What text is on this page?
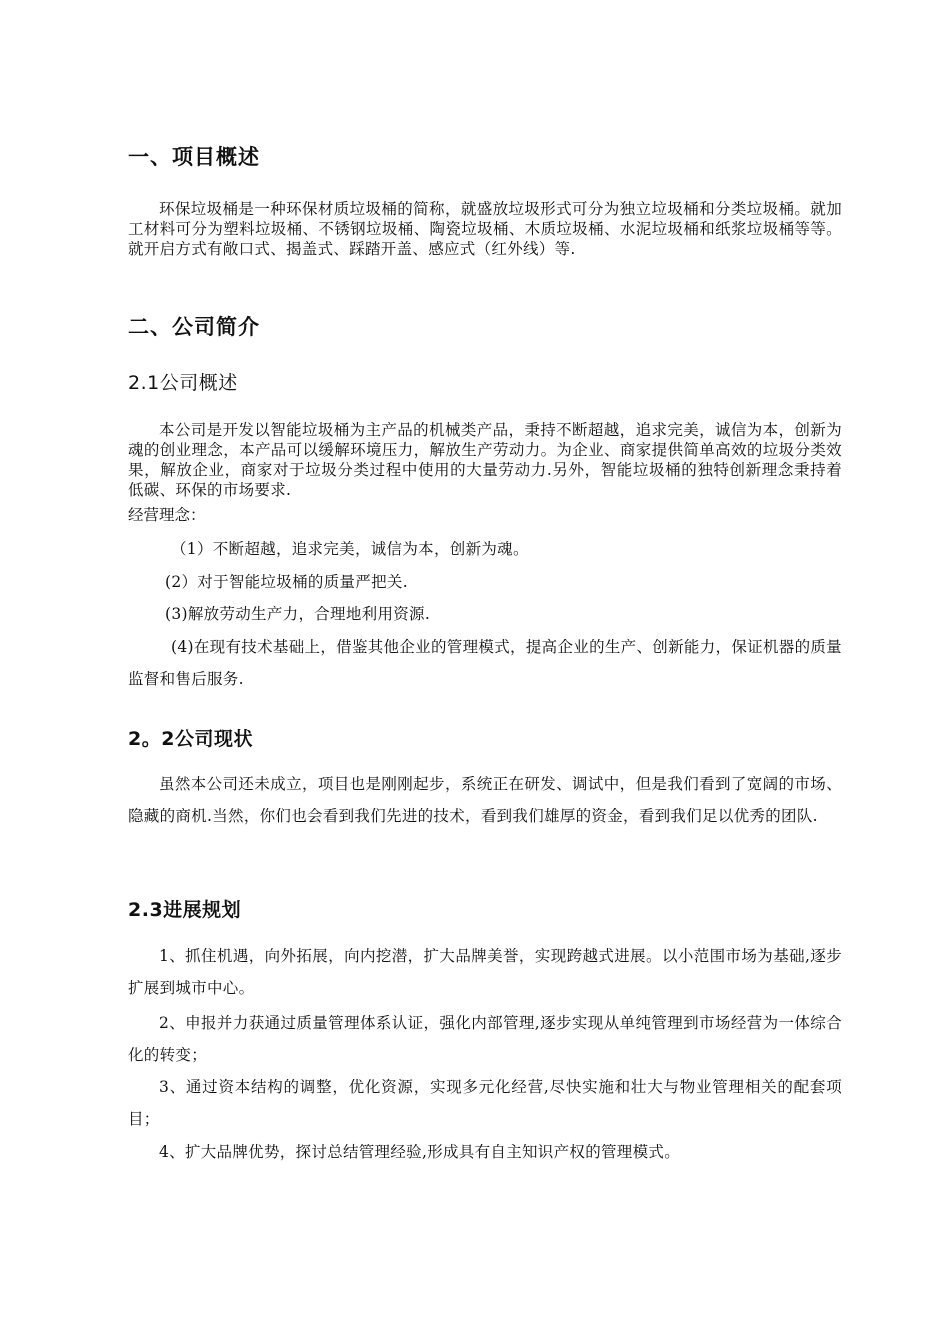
一、项目概述

环保垃圾桶是一种环保材质垃圾桶的简称，就盛放垃圾形式可分为独立垃圾桶和分类垃圾桶。就加工材料可分为塑料垃圾桶、不锈钢垃圾桶、陶瓷垃圾桶、木质垃圾桶、水泥垃圾桶和纸浆垃圾桶等等。就开启方式有敞口式、揭盖式、踩踏开盖、感应式（红外线）等.

二、公司简介
2.1公司概述

本公司是开发以智能垃圾桶为主产品的机械类产品，秉持不断超越，追求完美，诚信为本，创新为魂的创业理念，本产品可以缓解环境压力，解放生产劳动力。为企业、商家提供简单高效的垃圾分类效果，解放企业，商家对于垃圾分类过程中使用的大量劳动力.另外，智能垃圾桶的独特创新理念秉持着低碳、环保的市场要求.

经营理念：

（1）不断超越，追求完美，诚信为本，创新为魂。

(2）对于智能垃圾桶的质量严把关.

(3)解放劳动生产力，合理地利用资源.

(4)在现有技术基础上，借鉴其他企业的管理模式，提高企业的生产、创新能力，保证机器的质量监督和售后服务.

2。2公司现状

虽然本公司还未成立，项目也是刚刚起步，系统正在研发、调试中，但是我们看到了宽阔的市场、隐藏的商机.当然，你们也会看到我们先进的技术，看到我们雄厚的资金，看到我们足以优秀的团队.

2.3进展规划

1、抓住机遇，向外拓展，向内挖潜，扩大品牌美誉，实现跨越式进展。以小范围市场为基础,逐步扩展到城市中心。

2、申报并力获通过质量管理体系认证，强化内部管理,逐步实现从单纯管理到市场经营为一体综合化的转变；

3、通过资本结构的调整，优化资源，实现多元化经营,尽快实施和壮大与物业管理相关的配套项目；

4、扩大品牌优势，探讨总结管理经验,形成具有自主知识产权的管理模式。
